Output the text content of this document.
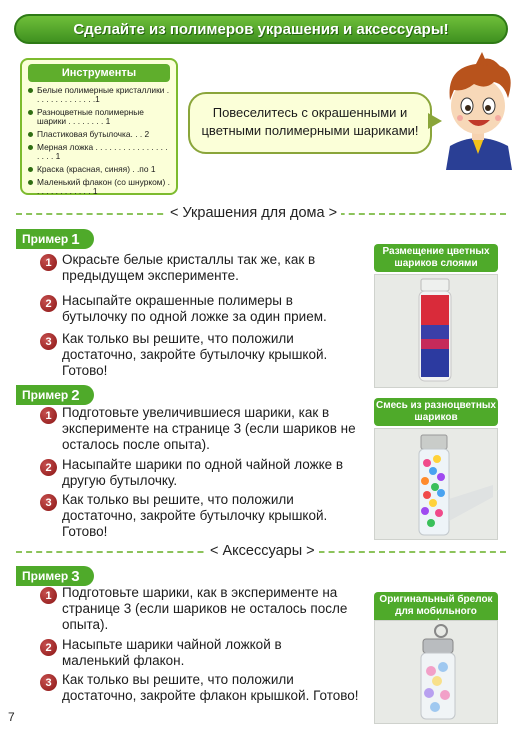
Сделайте из полимеров украшения и аксессуары!
Инструменты
Белые полимерные кристаллики . . . . . . . . . . . . . .1
Разноцветные полимерные шарики . . . . . . . . 1
Пластиковая бутылочка. . . 2
Мерная ложка . . . . . . . . . . . . . . . . . . . . 1
Краска (красная, синяя) . .по 1
Маленький флакон (со шнурком) . . . . . . . . . . . . . 1
Повеселитесь с окрашенными и
цветными полимерными шариками!
< Украшения для дома >
Пример 1
1 Окрасьте белые кристаллы так же, как в предыдущем эксперименте.
2 Насыпайте окрашенные полимеры в бутылочку по одной ложке за один прием.
3 Как только вы решите, что положили достаточно, закройте бутылочку крышкой. Готово!
Размещение цветных шариков слоями
Пример 2
1 Подготовьте увеличившиеся шарики, как в эксперименте на странице 3 (если шариков не осталось после опыта).
2 Насыпайте шарики по одной чайной ложке в другую бутылочку.
3 Как только вы решите, что положили достаточно, закройте бутылочку крышкой. Готово!
Смесь из разноцветных шариков
< Аксессуары >
Пример 3
1 Подготовьте шарики, как в эксперименте на странице 3 (если шариков не осталось после опыта).
2 Насыпьте шарики чайной ложкой в маленький флакон.
3 Как только вы решите, что положили достаточно, закройте флакон крышкой. Готово!
Оригинальный брелок для мобильного
7
